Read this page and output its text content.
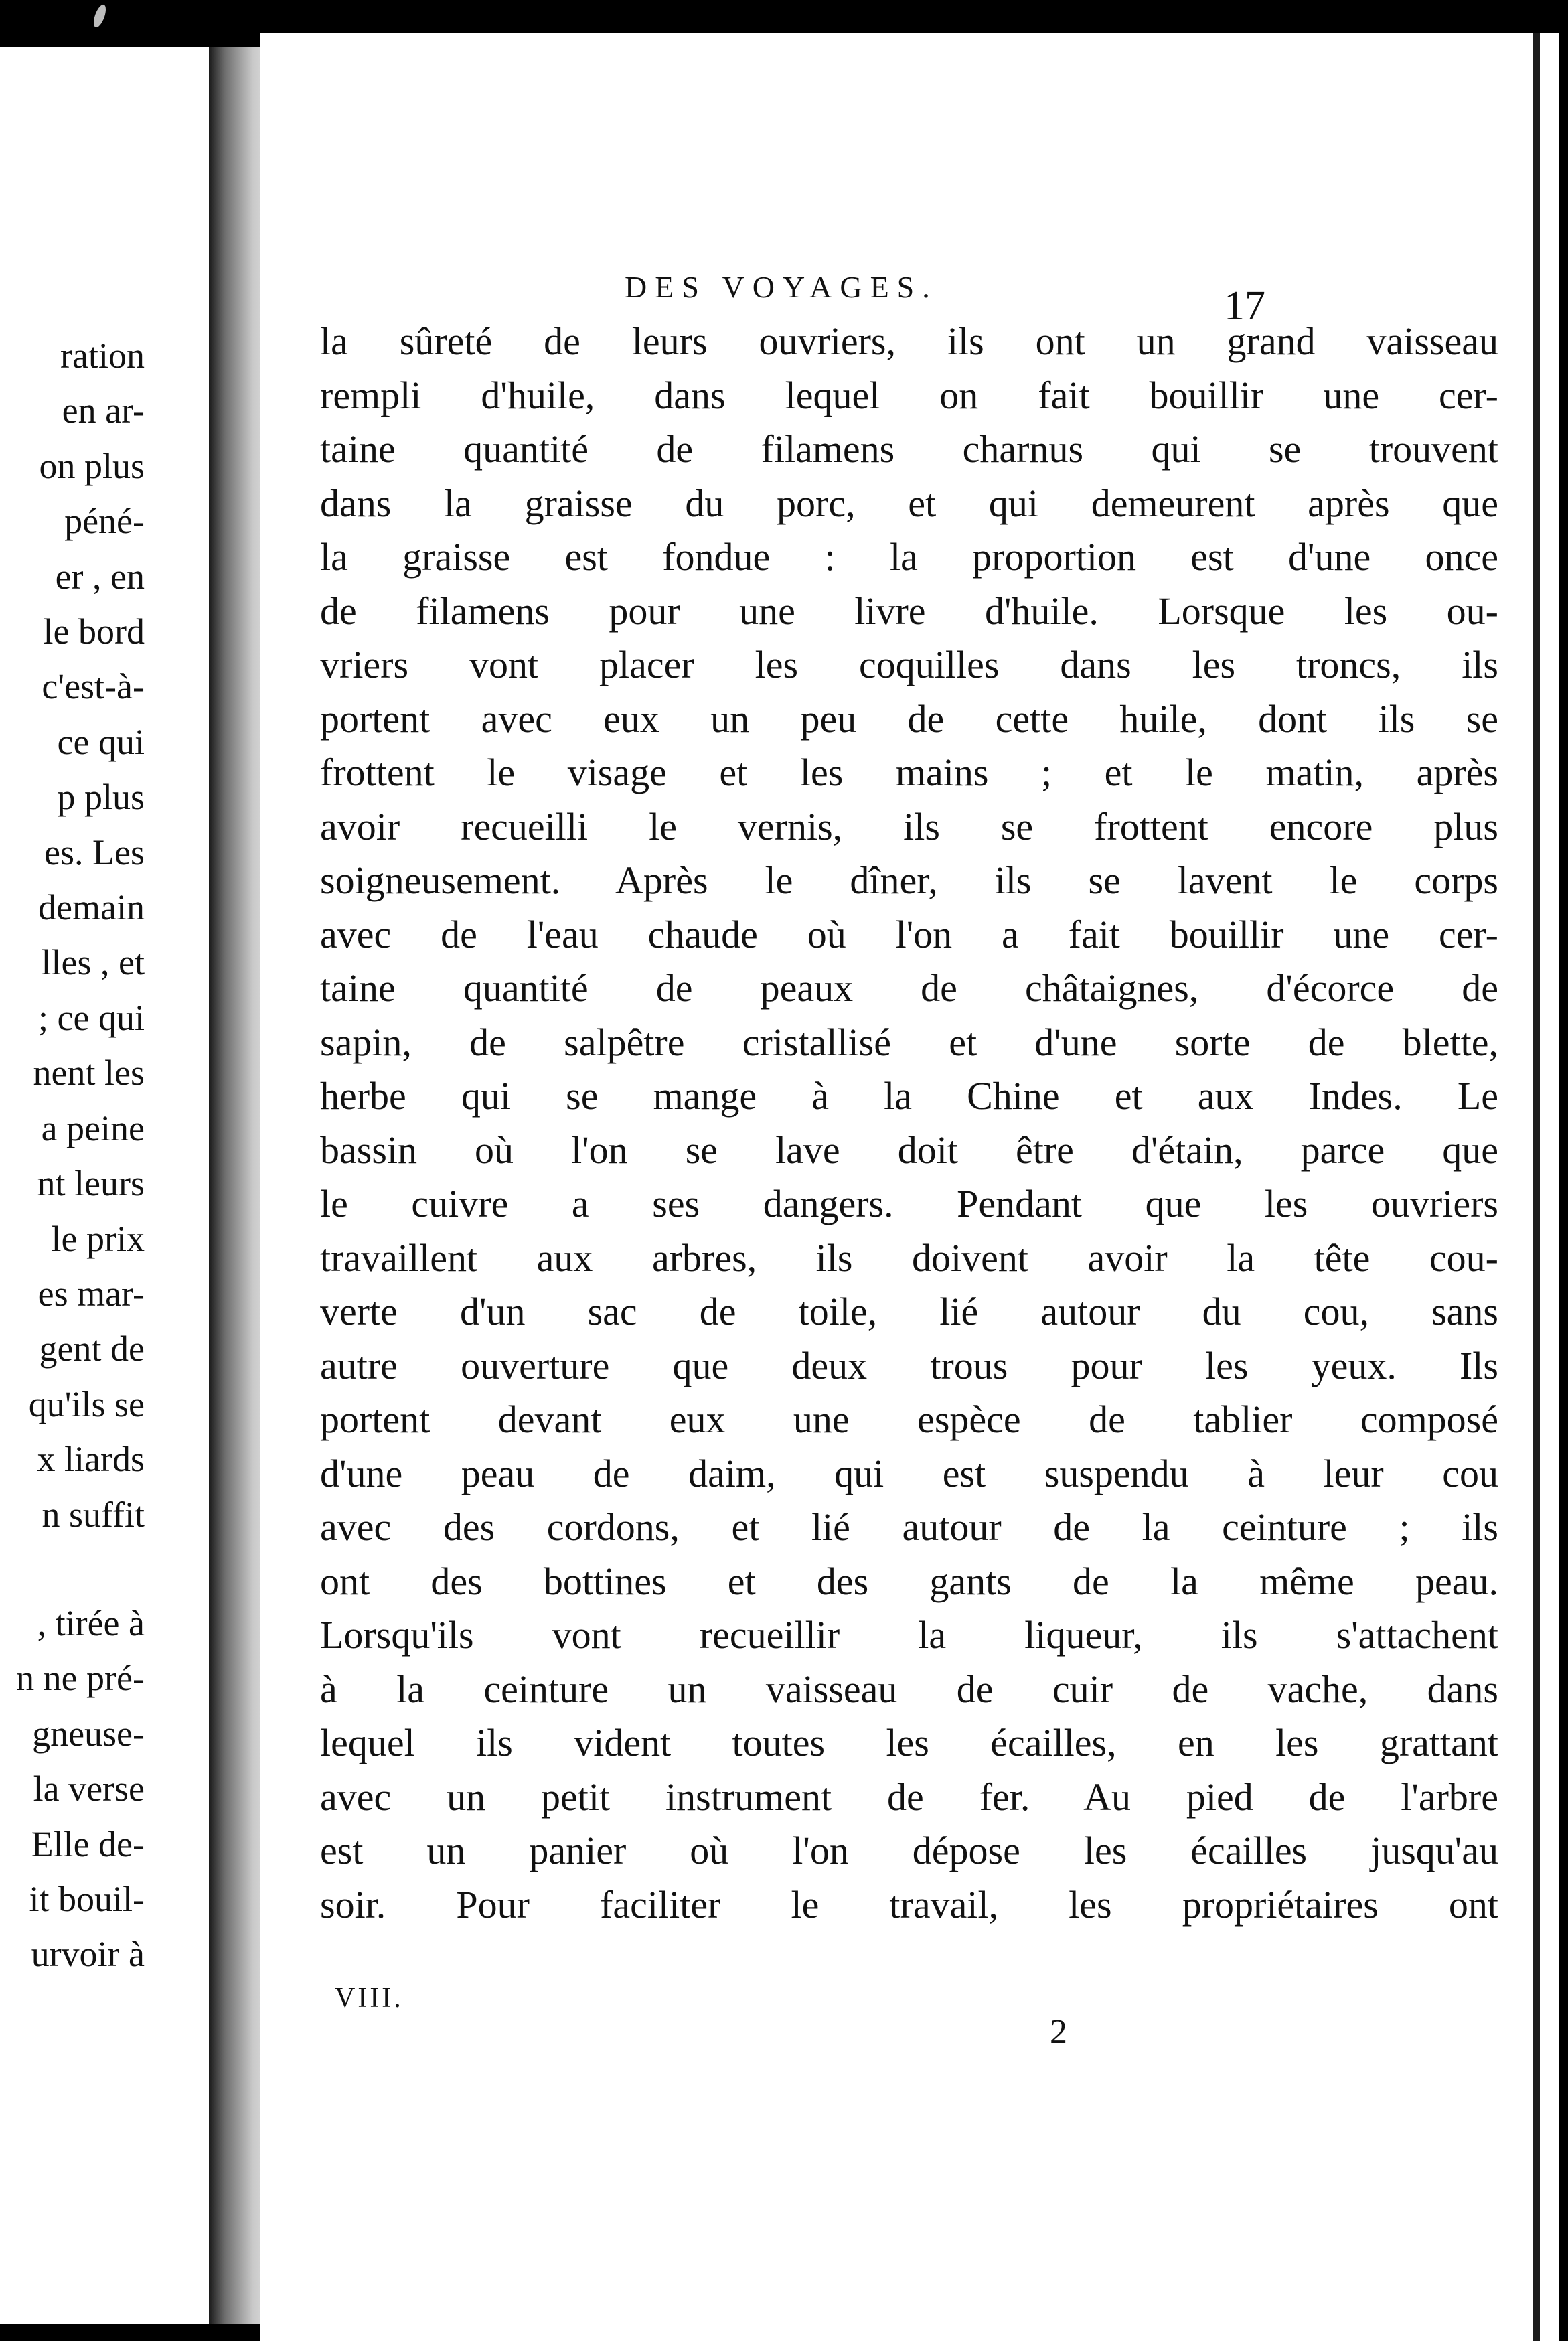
ration
en ar-
on plus
péné-
er , en
le bord
c'est-à-
ce qui
p plus
es. Les
demain
lles , et
; ce qui
nent les
a peine
nt leurs
le prix
es mar-
gent de
qu'ils se
x liards
n suffit
, tirée à
n ne pré-
gneuse-
la verse
Elle de-
it bouil-
urvoir à
DES VOYAGES.	17
la sûreté de leurs ouvriers, ils ont un grand vaisseau
rempli d'huile, dans lequel on fait bouillir une cer-
taine quantité de filamens charnus qui se trouvent
dans la graisse du porc, et qui demeurent après que
la graisse est fondue : la proportion est d'une once
de filamens pour une livre d'huile. Lorsque les ou-
vriers vont placer les coquilles dans les troncs, ils
portent avec eux un peu de cette huile, dont ils se
frottent le visage et les mains ; et le matin, après
avoir recueilli le vernis, ils se frottent encore plus
soigneusement. Après le dîner, ils se lavent le corps
avec de l'eau chaude où l'on a fait bouillir une cer-
taine quantité de peaux de châtaignes, d'écorce de
sapin, de salpêtre cristallisé et d'une sorte de blette,
herbe qui se mange à la Chine et aux Indes. Le
bassin où l'on se lave doit être d'étain, parce que
le cuivre a ses dangers. Pendant que les ouvriers
travaillent aux arbres, ils doivent avoir la tête cou-
verte d'un sac de toile, lié autour du cou, sans
autre ouverture que deux trous pour les yeux. Ils
portent devant eux une espèce de tablier composé
d'une peau de daim, qui est suspendu à leur cou
avec des cordons, et lié autour de la ceinture ; ils
ont des bottines et des gants de la même peau.
Lorsqu'ils vont recueillir la liqueur, ils s'attachent
à la ceinture un vaisseau de cuir de vache, dans
lequel ils vident toutes les écailles, en les grattant
avec un petit instrument de fer. Au pied de l'arbre
est un panier où l'on dépose les écailles jusqu'au
soir. Pour faciliter le travail, les propriétaires ont
VIII.
2
